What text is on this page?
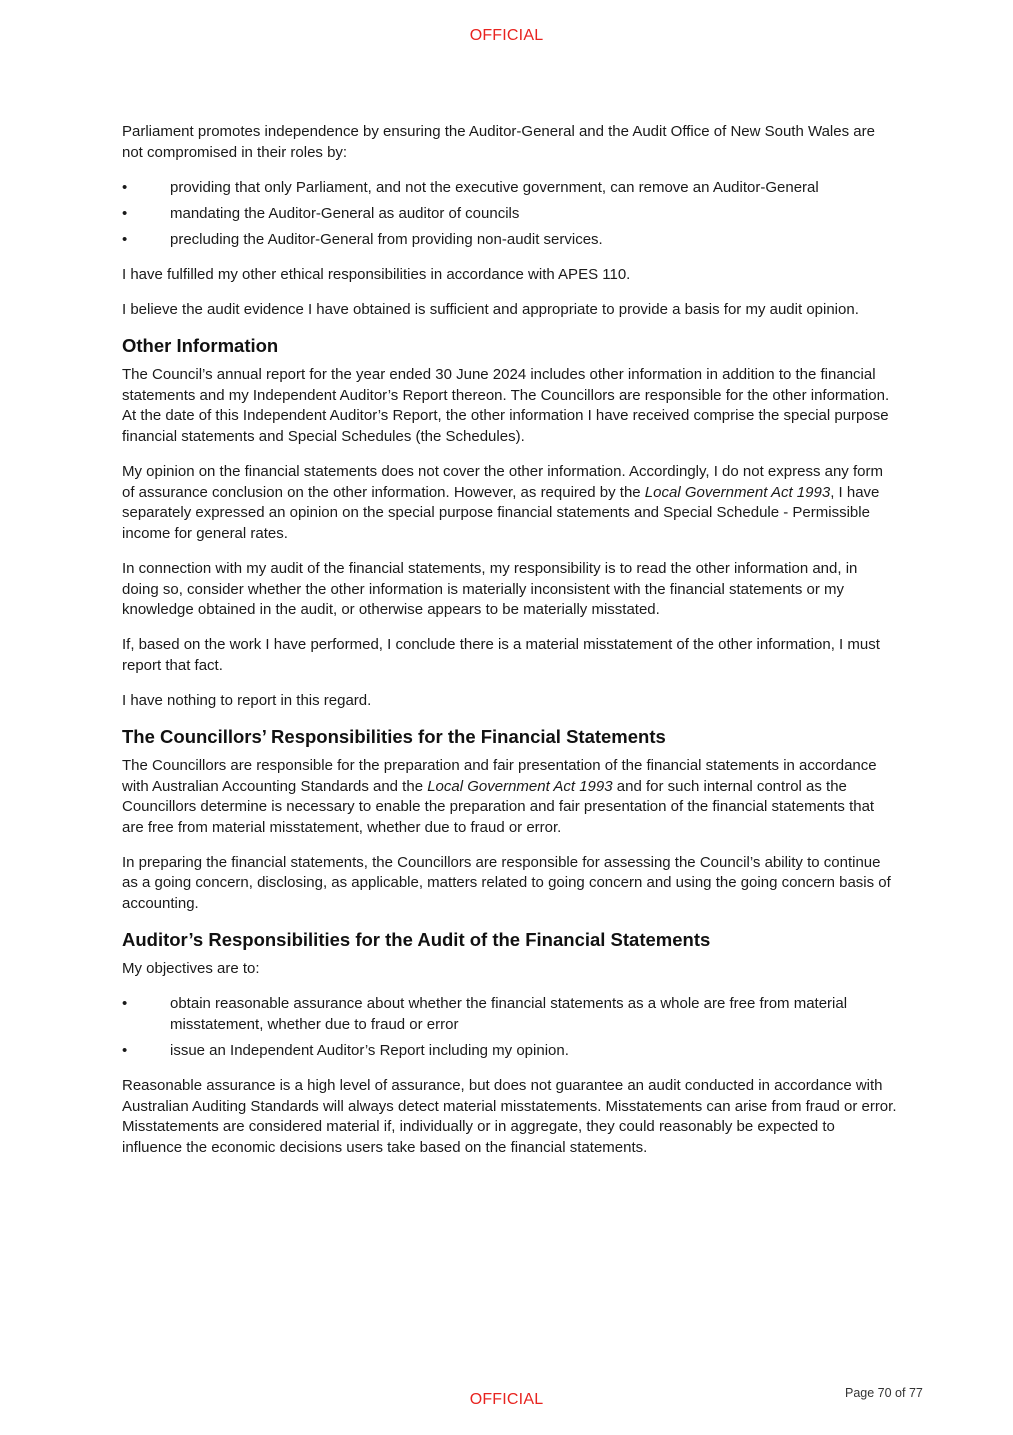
OFFICIAL

Parliament promotes independence by ensuring the Auditor-General and the Audit Office of New South Wales are not compromised in their roles by:

•	providing that only Parliament, and not the executive government, can remove an Auditor-General
•	mandating the Auditor-General as auditor of councils
•	precluding the Auditor-General from providing non-audit services.

I have fulfilled my other ethical responsibilities in accordance with APES 110.

I believe the audit evidence I have obtained is sufficient and appropriate to provide a basis for my audit opinion.

Other Information

The Council’s annual report for the year ended 30 June 2024 includes other information in addition to the financial statements and my Independent Auditor’s Report thereon. The Councillors are responsible for the other information. At the date of this Independent Auditor’s Report, the other information I have received comprise the special purpose financial statements and Special Schedules (the Schedules).

My opinion on the financial statements does not cover the other information. Accordingly, I do not express any form of assurance conclusion on the other information. However, as required by the Local Government Act 1993, I have separately expressed an opinion on the special purpose financial statements and Special Schedule - Permissible income for general rates.

In connection with my audit of the financial statements, my responsibility is to read the other information and, in doing so, consider whether the other information is materially inconsistent with the financial statements or my knowledge obtained in the audit, or otherwise appears to be materially misstated.

If, based on the work I have performed, I conclude there is a material misstatement of the other information, I must report that fact.

I have nothing to report in this regard.

The Councillors’ Responsibilities for the Financial Statements

The Councillors are responsible for the preparation and fair presentation of the financial statements in accordance with Australian Accounting Standards and the Local Government Act 1993 and for such internal control as the Councillors determine is necessary to enable the preparation and fair presentation of the financial statements that are free from material misstatement, whether due to fraud or error.

In preparing the financial statements, the Councillors are responsible for assessing the Council’s ability to continue as a going concern, disclosing, as applicable, matters related to going concern and using the going concern basis of accounting.

Auditor’s Responsibilities for the Audit of the Financial Statements

My objectives are to:

•	obtain reasonable assurance about whether the financial statements as a whole are free from material misstatement, whether due to fraud or error
•	issue an Independent Auditor’s Report including my opinion.

Reasonable assurance is a high level of assurance, but does not guarantee an audit conducted in accordance with Australian Auditing Standards will always detect material misstatements. Misstatements can arise from fraud or error. Misstatements are considered material if, individually or in aggregate, they could reasonably be expected to influence the economic decisions users take based on the financial statements.

OFFICIAL	Page 70 of 77
